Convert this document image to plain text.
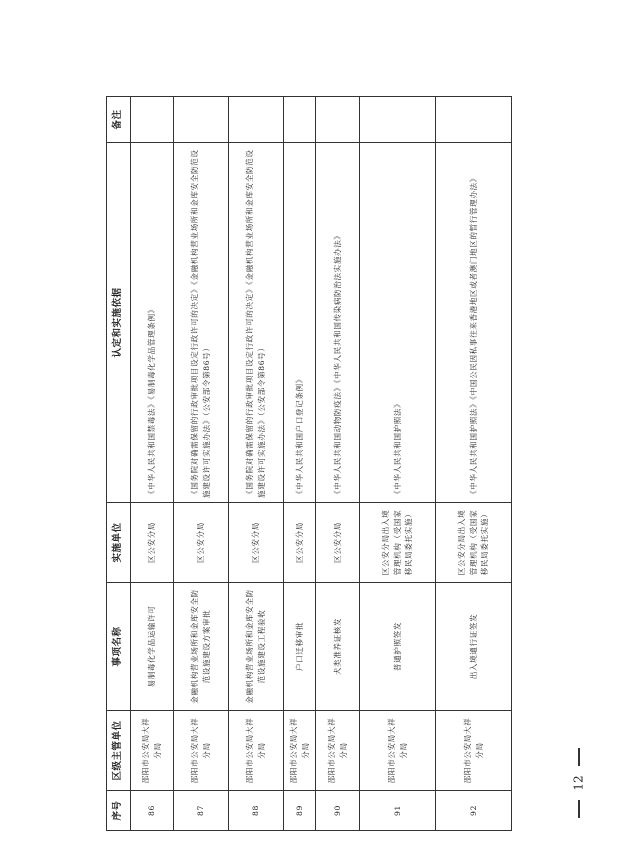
序号	区级主管单位	事项名称	实施单位	认定和实施依据	备注
86	邵阳市公安局大祥分局	易制毒化学品运输许可	区公安分局	《中华人民共和国禁毒法》《易制毒化学品管理条例》	
87	邵阳市公安局大祥分局	金融机构营业场所和金库安全防范设施建设方案审批	区公安分局	《国务院对确需保留的行政审批项目设定行政许可的决定》《金融机构营业场所和金库安全防范设施建设许可实施办法》（公安部令第86号）	
88	邵阳市公安局大祥分局	金融机构营业场所和金库安全防范设施建设工程验收	区公安分局	《国务院对确需保留的行政审批项目设定行政许可的决定》《金融机构营业场所和金库安全防范设施建设许可实施办法》（公安部令第86号）	
89	邵阳市公安局大祥分局	户口迁移审批	区公安分局	《中华人民共和国户口登记条例》	
90	邵阳市公安局大祥分局	犬类准养证核发	区公安分局	《中华人民共和国动物防疫法》《中华人民共和国传染病防治法实施办法》	
91	邵阳市公安局大祥分局	普通护照签发	区公安分局出入境管理机构（受国家移民局委托实施）	《中华人民共和国护照法》	
92	邵阳市公安局大祥分局	出入境通行证签发	区公安分局出入境管理机构（受国家移民局委托实施）	《中华人民共和国护照法》《中国公民因私事往来香港地区或者澳门地区的暂行管理办法》	
12
